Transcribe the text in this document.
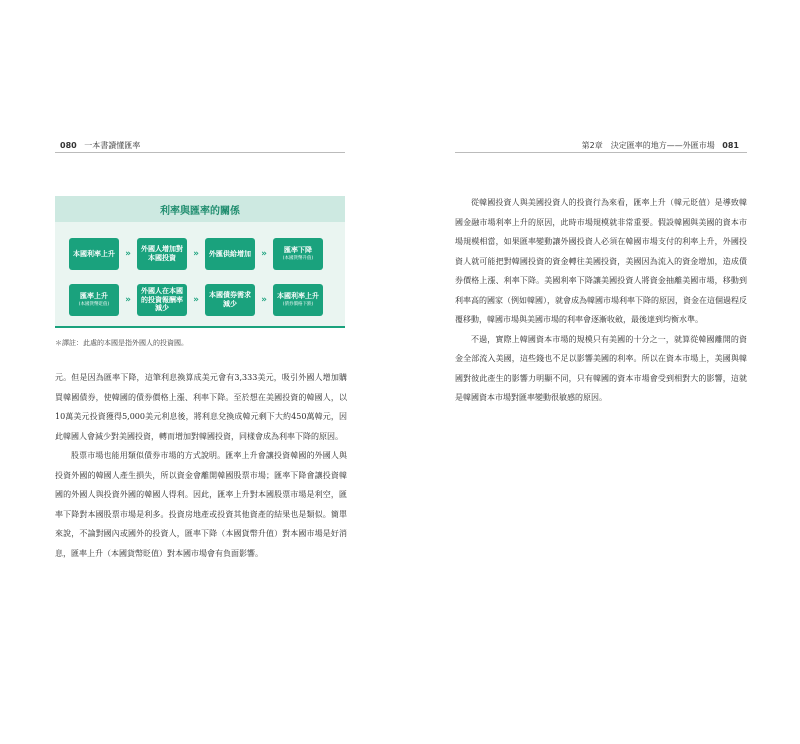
080 一本書讀懂匯率	第2章　決定匯率的地方——外匯市場 081
利率與匯率的關係
本國利率上升	»	外國人增加對本國投資	»	外匯供給增加	»	匯率下降
(本國貨幣升值)
匯率上升
(本國貨幣貶值)	»
外國人在本國的投資報酬率減少
»	本國債券需求減少	»	本國利率上升
(債券價格下跌)
＊譯註：此處的本國是指外國人的投資國。

元。但是因為匯率下降，這筆利息換算成美元會有3,333美元，吸引外國人增加購買韓國債券，使韓國的債券價格上漲、利率下降。至於想在美國投資的韓國人，以10萬美元投資獲得5,000美元利息後，將利息兌換成韓元剩下大約450萬韓元，因此韓國人會減少對美國投資，轉而增加對韓國投資，同樣會成為利率下降的原因。

股票市場也能用類似債券市場的方式說明。匯率上升會讓投資韓國的外國人與投資外國的韓國人產生損失，所以資金會離開韓國股票市場；匯率下降會讓投資韓國的外國人與投資外國的韓國人得利。因此，匯率上升對本國股票市場是利空，匯率下降對本國股票市場是利多。投資房地產或投資其他資產的結果也是類似。簡單來說，不論對國內或國外的投資人，匯率下降（本國貨幣升值）對本國市場是好消息，匯率上升（本國貨幣貶值）對本國市場會有負面影響。

從韓國投資人與美國投資人的投資行為來看，匯率上升（韓元貶值）是導致韓國金融市場利率上升的原因，此時市場規模就非常重要。假設韓國與美國的資本市場規模相當，如果匯率變動讓外國投資人必須在韓國市場支付的利率上升，外國投資人就可能把對韓國投資的資金轉往美國投資，美國因為流入的資金增加，造成債券價格上漲、利率下降。美國利率下降讓美國投資人將資金抽離美國市場，移動到利率高的國家（例如韓國），就會成為韓國市場利率下降的原因，資金在這個過程反覆移動，韓國市場與美國市場的利率會逐漸收斂，最後達到均衡水準。

不過，實際上韓國資本市場的規模只有美國的十分之一，就算從韓國離開的資金全部流入美國，這些錢也不足以影響美國的利率。所以在資本市場上，美國與韓國對彼此產生的影響力明顯不同，只有韓國的資本市場會受到相對大的影響，這就是韓國資本市場對匯率變動很敏感的原因。
